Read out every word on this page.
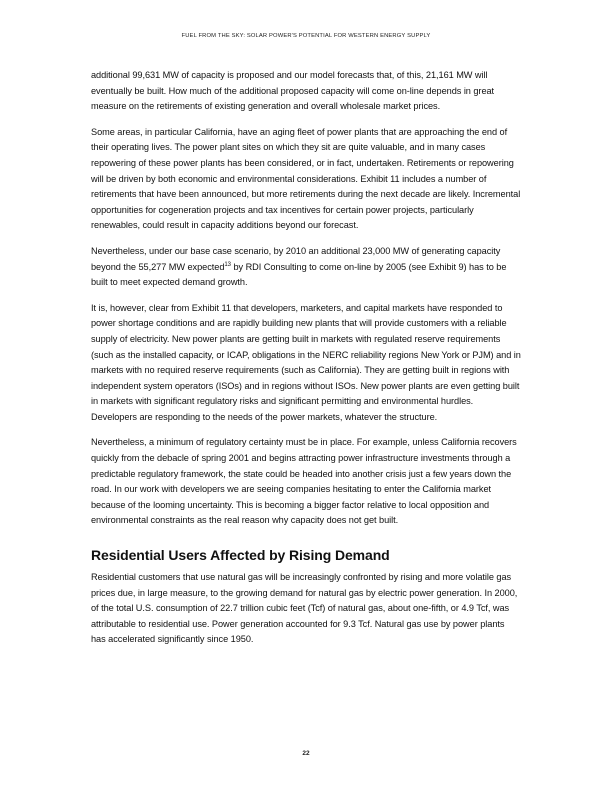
FUEL FROM THE SKY: SOLAR POWER'S POTENTIAL FOR WESTERN ENERGY SUPPLY

additional 99,631 MW of capacity is proposed and our model forecasts that, of this, 21,161 MW will eventually be built. How much of the additional proposed capacity will come on-line depends in great measure on the retirements of existing generation and overall wholesale market prices.

Some areas, in particular California, have an aging fleet of power plants that are approaching the end of their operating lives. The power plant sites on which they sit are quite valuable, and in many cases repowering of these power plants has been considered, or in fact, undertaken. Retirements or repowering will be driven by both economic and environmental considerations. Exhibit 11 includes a number of retirements that have been announced, but more retirements during the next decade are likely. Incremental opportunities for cogeneration projects and tax incentives for certain power projects, particularly renewables, could result in capacity additions beyond our forecast.

Nevertheless, under our base case scenario, by 2010 an additional 23,000 MW of generating capacity beyond the 55,277 MW expected$^{13}$ by RDI Consulting to come on-line by 2005 (see Exhibit 9) has to be built to meet expected demand growth.

It is, however, clear from Exhibit 11 that developers, marketers, and capital markets have responded to power shortage conditions and are rapidly building new plants that will provide customers with a reliable supply of electricity. New power plants are getting built in markets with regulated reserve requirements (such as the installed capacity, or ICAP, obligations in the NERC reliability regions New York or PJM) and in markets with no required reserve requirements (such as California). They are getting built in regions with independent system operators (ISOs) and in regions without ISOs. New power plants are even getting built in markets with significant regulatory risks and significant permitting and environmental hurdles. Developers are responding to the needs of the power markets, whatever the structure.

Nevertheless, a minimum of regulatory certainty must be in place. For example, unless California recovers quickly from the debacle of spring 2001 and begins attracting power infrastructure investments through a predictable regulatory framework, the state could be headed into another crisis just a few years down the road. In our work with developers we are seeing companies hesitating to enter the California market because of the looming uncertainty. This is becoming a bigger factor relative to local opposition and environmental constraints as the real reason why capacity does not get built.

Residential Users Affected by Rising Demand

Residential customers that use natural gas will be increasingly confronted by rising and more volatile gas prices due, in large measure, to the growing demand for natural gas by electric power generation. In 2000, of the total U.S. consumption of 22.7 trillion cubic feet (Tcf) of natural gas, about one-fifth, or 4.9 Tcf, was attributable to residential use. Power generation accounted for 9.3 Tcf. Natural gas use by power plants has accelerated significantly since 1950.

22
